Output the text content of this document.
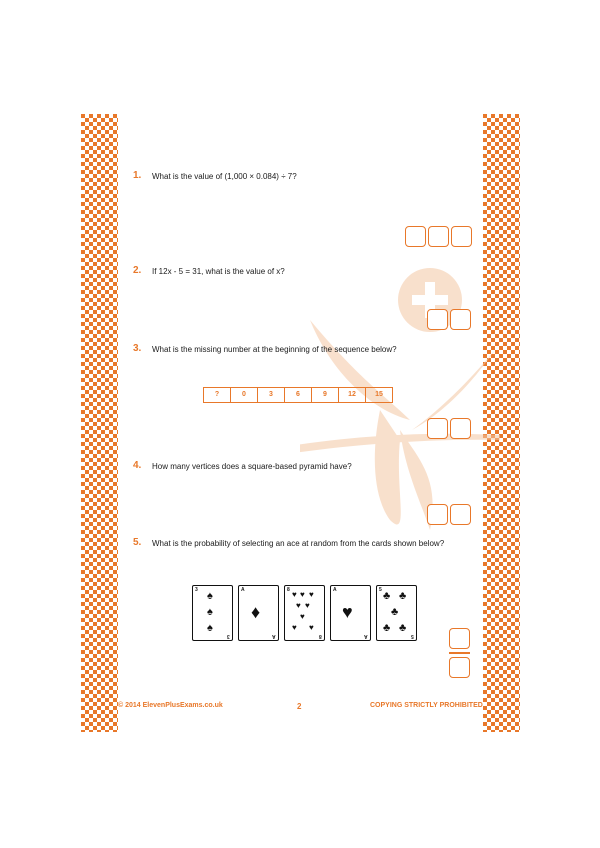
1. What is the value of (1,000 × 0.084) ÷ 7?
2. If 12x - 5 = 31, what is the value of x?
3. What is the missing number at the beginning of the sequence below?
?	0	3	6	9	12	15
4. How many vertices does a square-based pyramid have?
5. What is the probability of selecting an ace at random from the cards shown below?
3 ♠
♠
♠
3
A
♦
A
8 ♥ ♥ ♥
♥ ♥
♥
♥ ♥
8
A
♥
A
5 ♣ ♣
♣
♣ ♣
5
© 2014 ElevenPlusExams.co.uk	2	COPYING STRICTLY PROHIBITED
